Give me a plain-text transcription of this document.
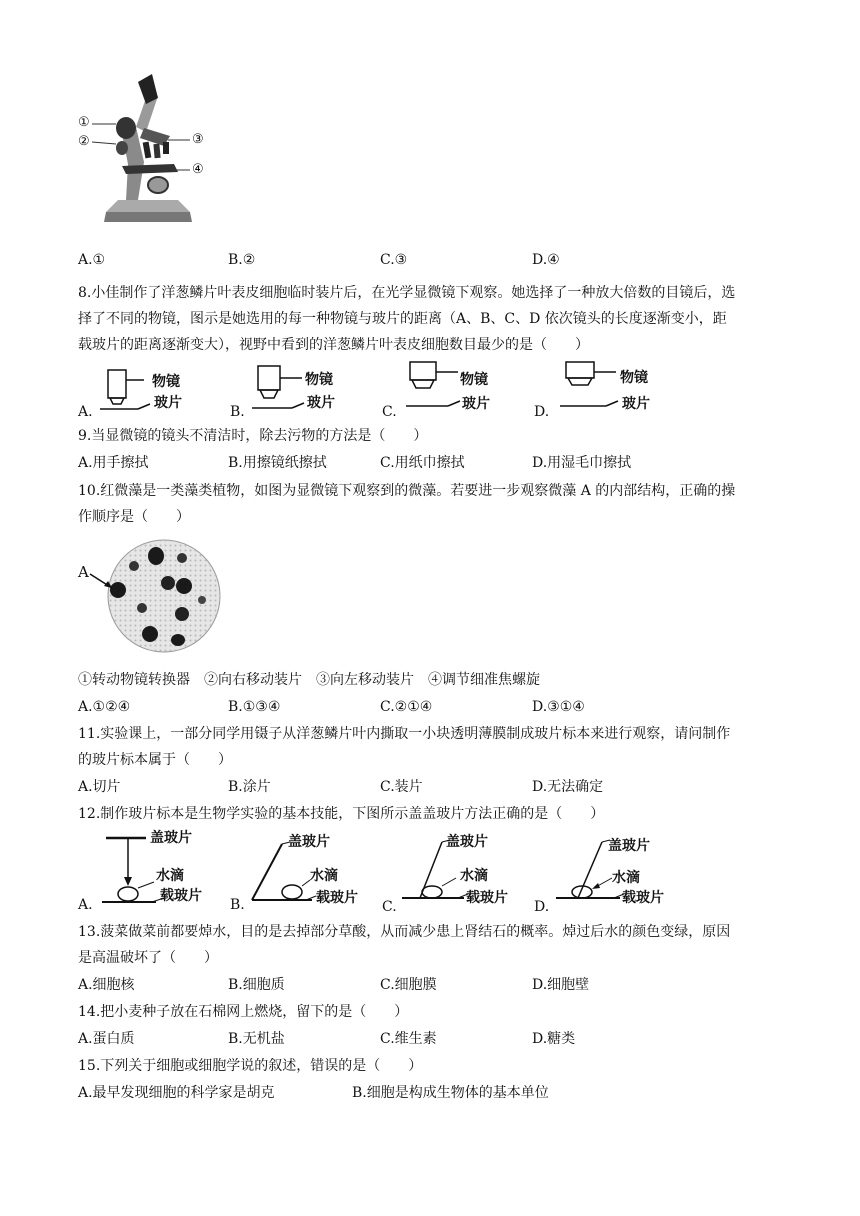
①
②	③
④
A.①	B.②	C.③	D.④
8.小佳制作了洋葱鳞片叶表皮细胞临时装片后，在光学显微镜下观察。她选择了一种放大倍数的目镜后，选
择了不同的物镜，图示是她选用的每一种物镜与玻片的距离（A、B、C、D 依次镜头的长度逐渐变小，距
载玻片的距离逐渐变大），视野中看到的洋葱鳞片叶表皮细胞数目最少的是（　　）
A.
物镜
玻片
B.
物镜
玻片
C.
物镜
玻片	D.
物镜
玻片
9.当显微镜的镜头不清洁时，除去污物的方法是（　　）
A.用手擦拭	B.用擦镜纸擦拭	C.用纸巾擦拭	D.用湿毛巾擦拭
10.红微藻是一类藻类植物，如图为显微镜下观察到的微藻。若要进一步观察微藻 A 的内部结构，正确的操
作顺序是（　　）
A
①转动物镜转换器　②向右移动装片　③向左移动装片　④调节细准焦螺旋
A.①②④	B.①③④	C.②①④	D.③①④
11.实验课上，一部分同学用镊子从洋葱鳞片叶内撕取一小块透明薄膜制成玻片标本来进行观察，请问制作
的玻片标本属于（　　）
A.切片	B.涂片	C.装片	D.无法确定
12.制作玻片标本是生物学实验的基本技能，下图所示盖盖玻片方法正确的是（　　）
A.
盖玻片
水滴
载玻片
B.
盖玻片
水滴
载玻片
C.
盖玻片
水滴
载玻片
D.
盖玻片
水滴
载玻片
13.菠菜做菜前都要焯水，目的是去掉部分草酸，从而减少患上肾结石的概率。焯过后水的颜色变绿，原因
是高温破坏了（　　）
A.细胞核	B.细胞质	C.细胞膜	D.细胞壁
14.把小麦种子放在石棉网上燃烧，留下的是（　　）
A.蛋白质	B.无机盐	C.维生素	D.糖类
15.下列关于细胞或细胞学说的叙述，错误的是（　　）
A.最早发现细胞的科学家是胡克	B.细胞是构成生物体的基本单位
